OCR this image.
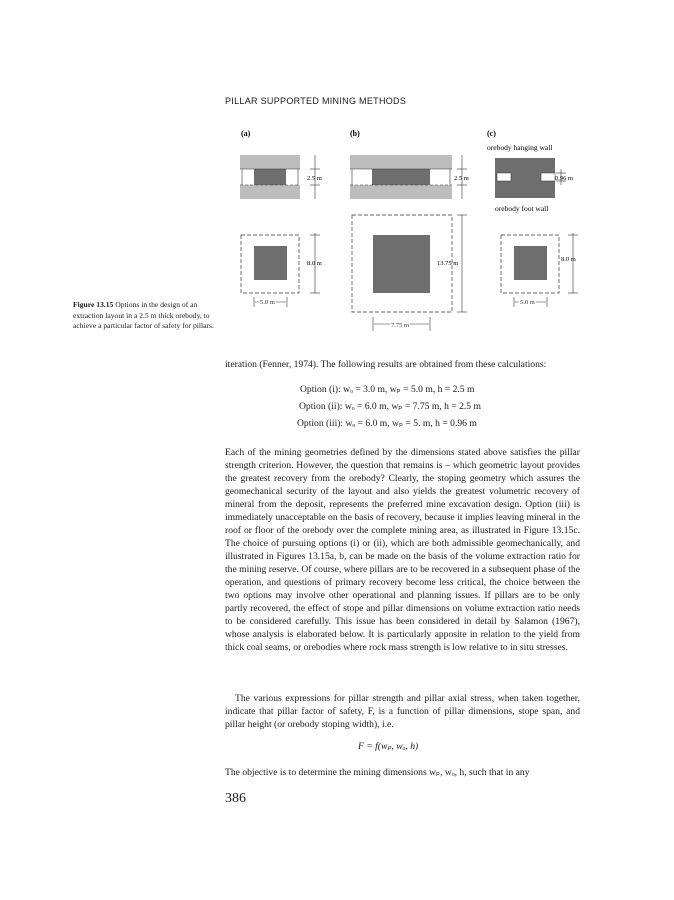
PILLAR SUPPORTED MINING METHODS
(a)
2.5 m
8.0 m
5.0 m
(b)
2.5 m
13.75 m
7.75 m
(c)
orebody hanging wall
0.96 m
orebody foot wall
8.0 m
5.0 m
Figure 13.15 Options in the design of an extraction layout in a 2.5 m thick orebody, to achieve a particular factor of safety for pillars.

iteration (Fenner, 1974). The following results are obtained from these calculations:

Option (i): wₒ = 3.0 m, wₚ = 5.0 m, h = 2.5 m
Option (ii): wₒ = 6.0 m, wₚ = 7.75 m, h = 2.5 m
Option (iii): wₒ = 6.0 m, wₚ = 5. m, h = 0.96 m

Each of the mining geometries defined by the dimensions stated above satisfies the pillar strength criterion. However, the question that remains is – which geometric layout provides the greatest recovery from the orebody? Clearly, the stoping geometry which assures the geomechanical security of the layout and also yields the greatest volumetric recovery of mineral from the deposit, represents the preferred mine excavation design. Option (iii) is immediately unacceptable on the basis of recovery, because it implies leaving mineral in the roof or floor of the orebody over the complete mining area, as illustrated in Figure 13.15c. The choice of pursuing options (i) or (ii), which are both admissible geomechanically, and illustrated in Figures 13.15a, b, can be made on the basis of the volume extraction ratio for the mining reserve. Of course, where pillars are to be recovered in a subsequent phase of the operation, and questions of primary recovery become less critical, the choice between the two options may involve other operational and planning issues. If pillars are to be only partly recovered, the effect of stope and pillar dimensions on volume extraction ratio needs to be considered carefully. This issue has been considered in detail by Salamon (1967), whose analysis is elaborated below. It is particularly apposite in relation to the yield from thick coal seams, or orebodies where rock mass strength is low relative to in situ stresses.

The various expressions for pillar strength and pillar axial stress, when taken together, indicate that pillar factor of safety, F, is a function of pillar dimensions, stope span, and pillar height (or orebody stoping width), i.e.

F = f(wₚ, wₒ, h)

The objective is to determine the mining dimensions wₚ, wₒ, h, such that in any

386
